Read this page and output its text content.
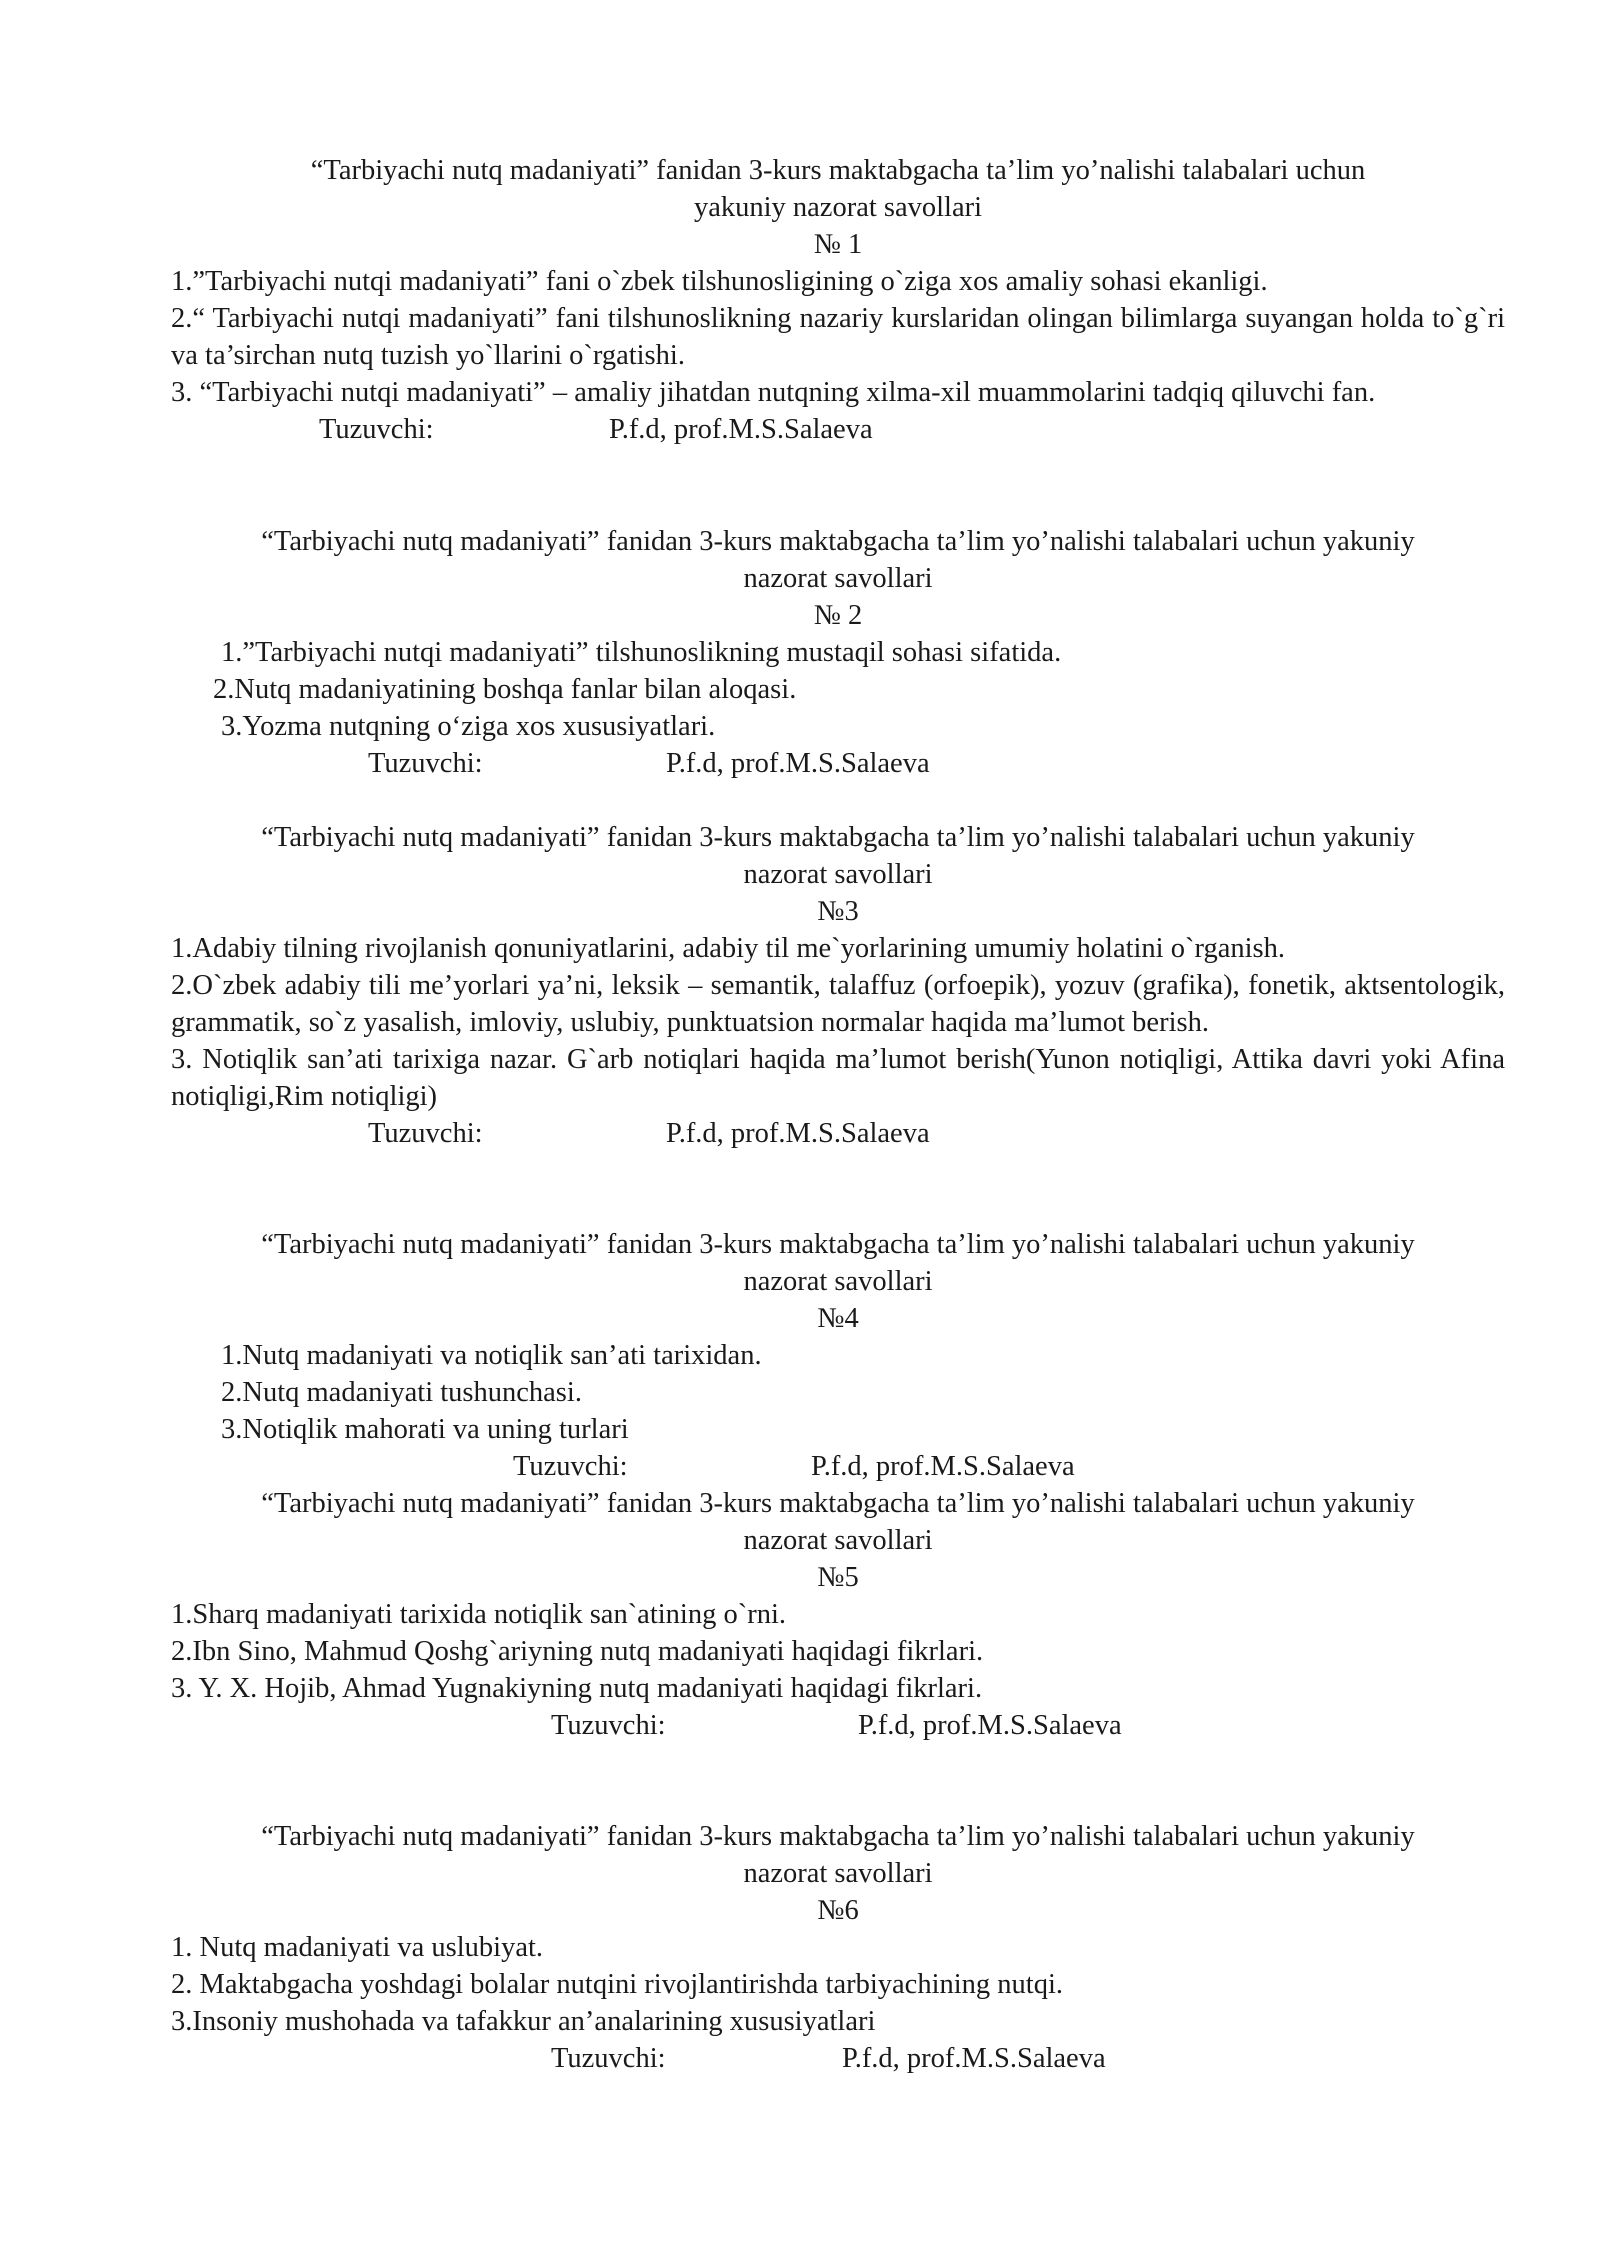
“Tarbiyachi nutq madaniyati” fanidan 3-kurs maktabgacha ta’lim yo’nalishi talabalari uchun
yakuniy nazorat savollari
№ 1

1.”Tarbiyachi nutqi madaniyati” fani o`zbek tilshunosligining o`ziga xos amaliy sohasi ekanligi.

2.“ Tarbiyachi nutqi madaniyati” fani tilshunoslikning nazariy kurslaridan olingan bilimlarga suyangan holda to`g`ri va ta’sirchan nutq tuzish yo`llarini o`rgatishi.

3. “Tarbiyachi nutqi madaniyati” – amaliy jihatdan nutqning xilma-xil muammolarini tadqiq qiluvchi fan.

Tuzuvchi:	P.f.d, prof.M.S.Salaeva
“Tarbiyachi nutq madaniyati” fanidan 3-kurs maktabgacha ta’lim yo’nalishi talabalari uchun yakuniy
nazorat savollari
№ 2

1.”Tarbiyachi nutqi madaniyati” tilshunoslikning mustaqil sohasi sifatida.

2.Nutq madaniyatining boshqa fanlar bilan aloqasi.

3.Yozma nutqning o‘ziga xos xususiyatlari.

Tuzuvchi:	P.f.d, prof.M.S.Salaeva
“Tarbiyachi nutq madaniyati” fanidan 3-kurs maktabgacha ta’lim yo’nalishi talabalari uchun yakuniy
nazorat savollari
№3

1.Adabiy tilning rivojlanish qonuniyatlarini, adabiy til me`yorlarining umumiy holatini o`rganish.

2.O`zbek adabiy tili me’yorlari ya’ni, leksik – semantik, talaffuz (orfoepik), yozuv (grafika), fonetik, aktsentologik, grammatik, so`z yasalish, imloviy, uslubiy, punktuatsion normalar haqida ma’lumot berish.

3. Notiqlik san’ati tarixiga nazar. G`arb notiqlari haqida ma’lumot berish(Yunon notiqligi, Attika davri yoki Afina notiqligi,Rim notiqligi)

Tuzuvchi:	P.f.d, prof.M.S.Salaeva
“Tarbiyachi nutq madaniyati” fanidan 3-kurs maktabgacha ta’lim yo’nalishi talabalari uchun yakuniy
nazorat savollari
№4

1.Nutq madaniyati va notiqlik san’ati tarixidan.

2.Nutq madaniyati tushunchasi.

3.Notiqlik mahorati va uning turlari

Tuzuvchi:	P.f.d, prof.M.S.Salaeva
“Tarbiyachi nutq madaniyati” fanidan 3-kurs maktabgacha ta’lim yo’nalishi talabalari uchun yakuniy
nazorat savollari
№5

1.Sharq madaniyati tarixida notiqlik san`atining o`rni.

2.Ibn Sino, Mahmud Qoshg`ariyning nutq madaniyati haqidagi fikrlari.

3. Y. X. Hojib, Ahmad Yugnakiyning nutq madaniyati haqidagi fikrlari.

Tuzuvchi:	P.f.d, prof.M.S.Salaeva
“Tarbiyachi nutq madaniyati” fanidan 3-kurs maktabgacha ta’lim yo’nalishi talabalari uchun yakuniy
nazorat savollari
№6

1. Nutq madaniyati va uslubiyat.

2. Maktabgacha yoshdagi bolalar nutqini rivojlantirishda tarbiyachining nutqi.

3.Insoniy mushohada va tafakkur an’analarining xususiyatlari

Tuzuvchi:	P.f.d, prof.M.S.Salaeva
